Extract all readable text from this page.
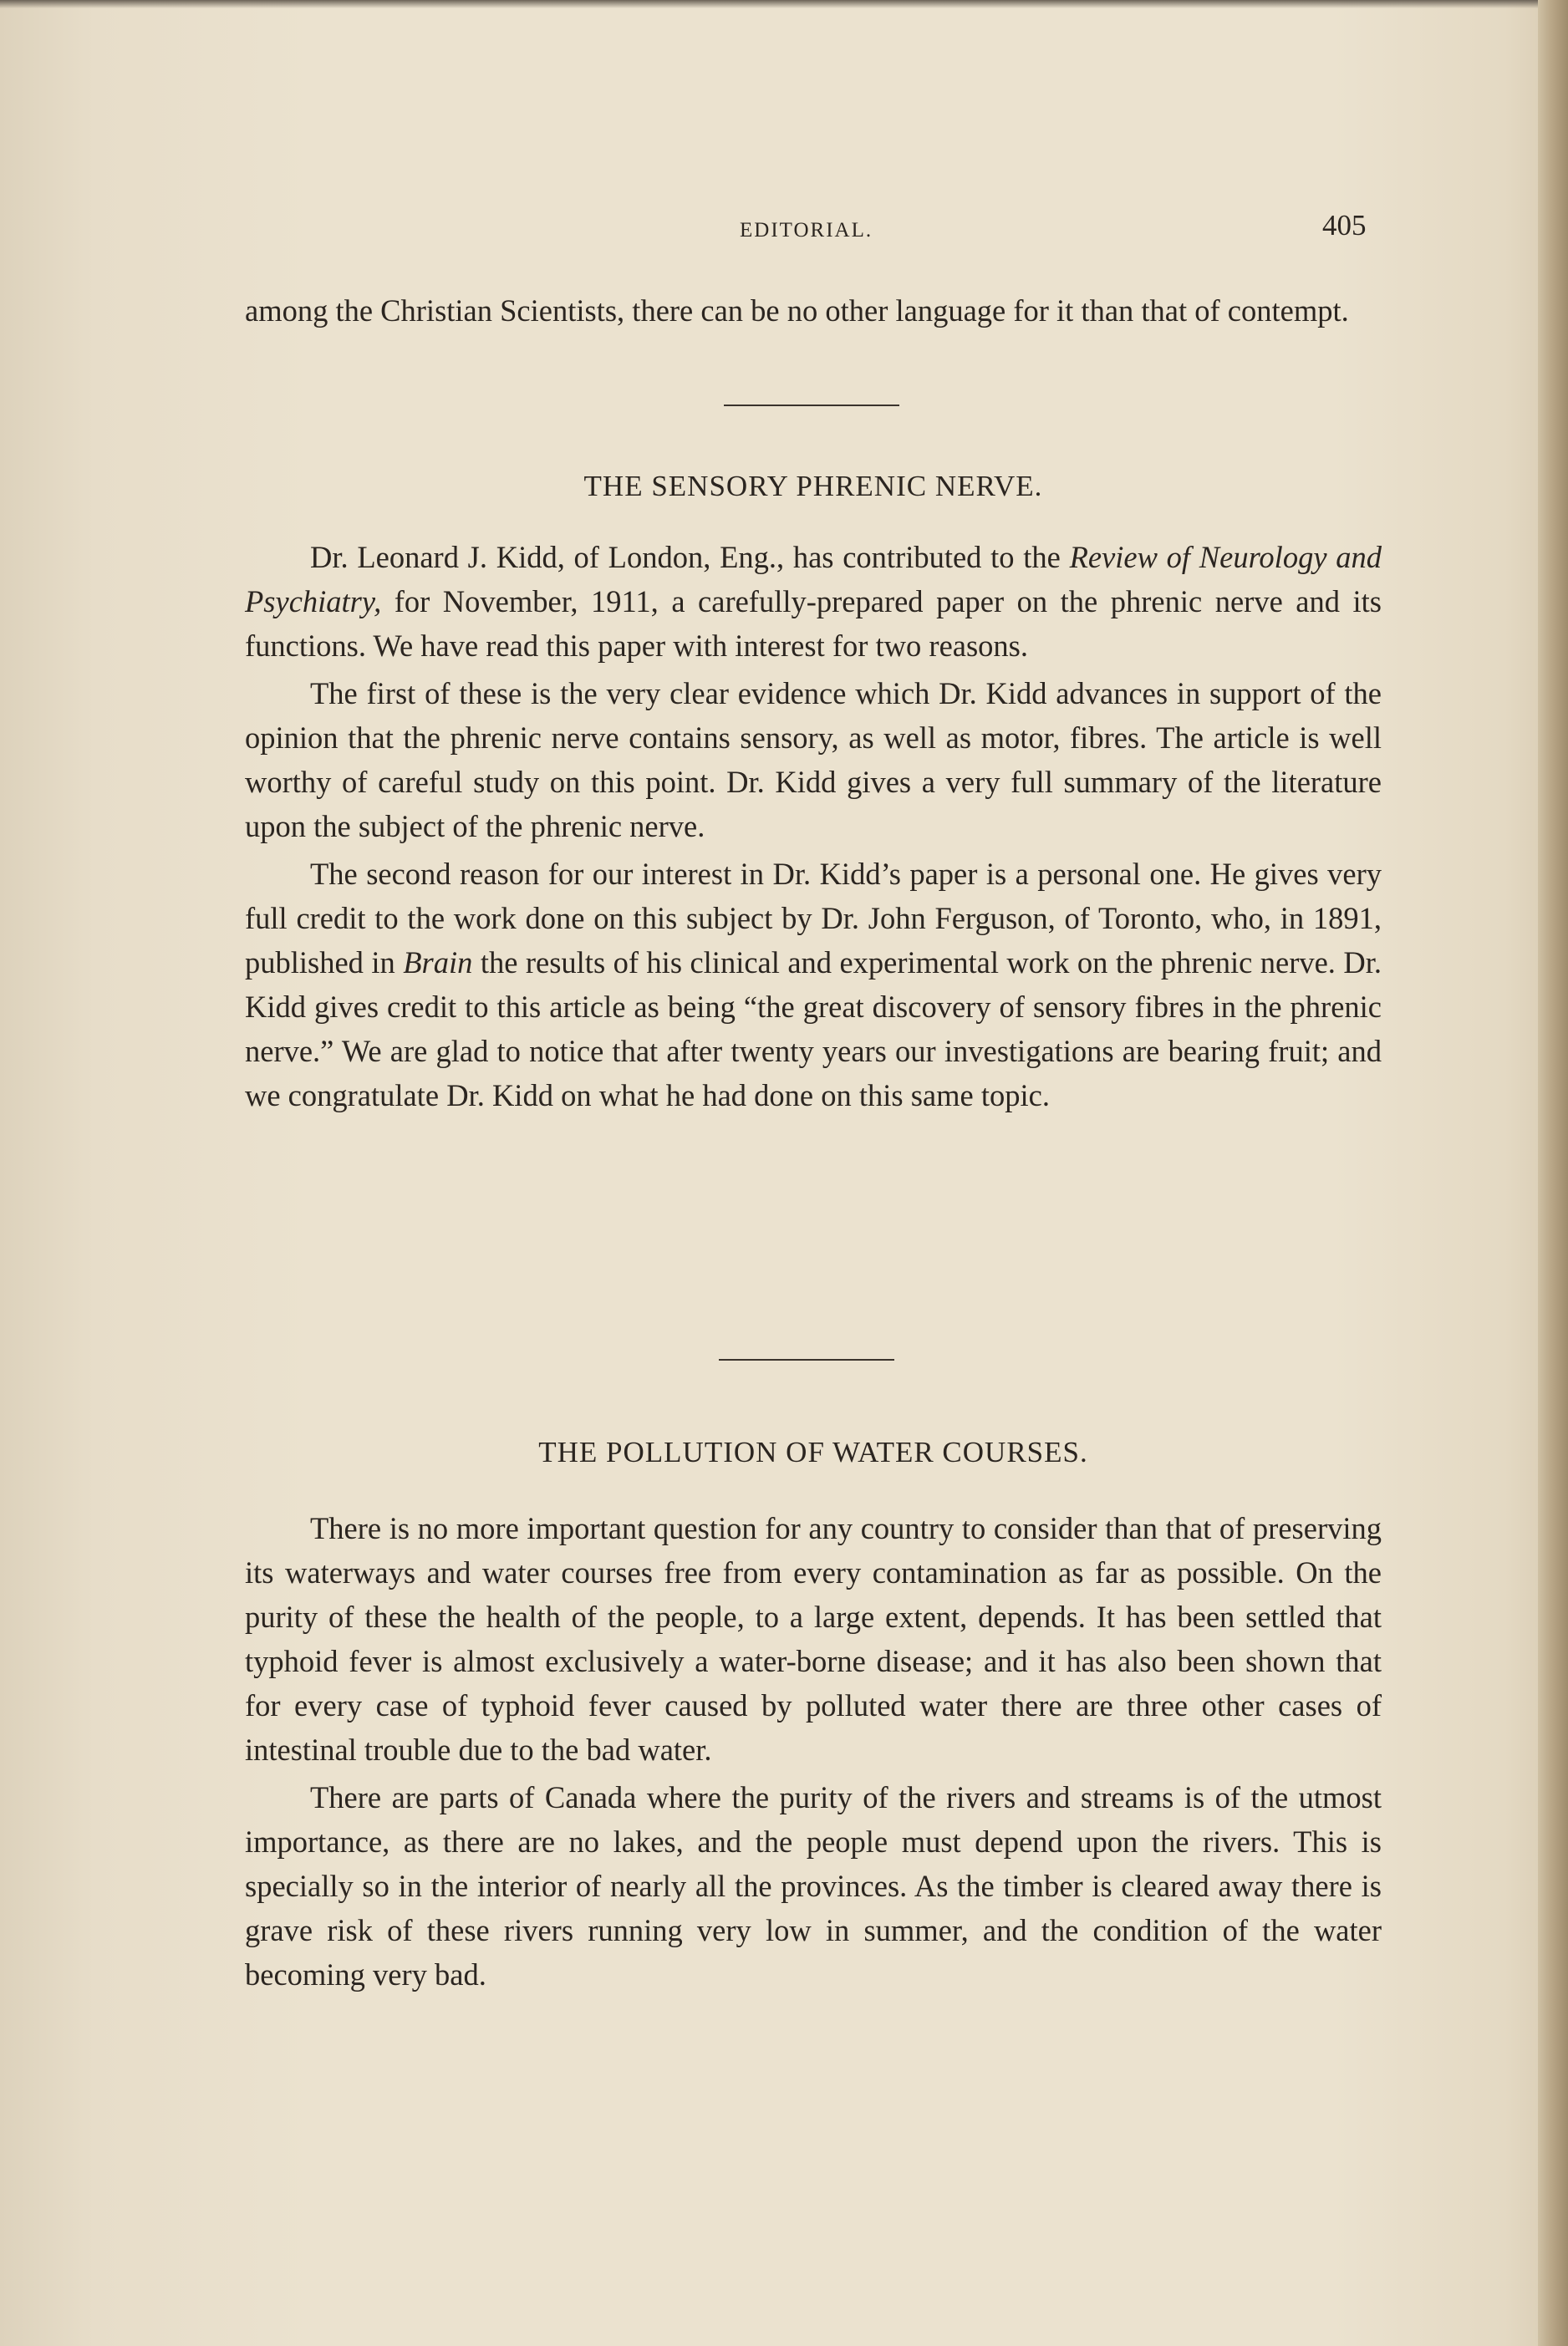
EDITORIAL.	405

among the Christian Scientists, there can be no other language for it than that of contempt.

THE SENSORY PHRENIC NERVE.

Dr. Leonard J. Kidd, of London, Eng., has contributed to the Review of Neurology and Psychiatry, for November, 1911, a carefully-prepared paper on the phrenic nerve and its functions. We have read this paper with interest for two reasons.

The first of these is the very clear evidence which Dr. Kidd advances in support of the opinion that the phrenic nerve contains sensory, as well as motor, fibres. The article is well worthy of careful study on this point. Dr. Kidd gives a very full summary of the literature upon the subject of the phrenic nerve.

The second reason for our interest in Dr. Kidd’s paper is a personal one. He gives very full credit to the work done on this subject by Dr. John Ferguson, of Toronto, who, in 1891, published in Brain the results of his clinical and experimental work on the phrenic nerve. Dr. Kidd gives credit to this article as being “the great discovery of sensory fibres in the phrenic nerve.” We are glad to notice that after twenty years our investigations are bearing fruit; and we congratulate Dr. Kidd on what he had done on this same topic.

THE POLLUTION OF WATER COURSES.

There is no more important question for any country to consider than that of preserving its waterways and water courses free from every contamination as far as possible. On the purity of these the health of the people, to a large extent, depends. It has been settled that typhoid fever is almost exclusively a water-borne disease; and it has also been shown that for every case of typhoid fever caused by polluted water there are three other cases of intestinal trouble due to the bad water.

There are parts of Canada where the purity of the rivers and streams is of the utmost importance, as there are no lakes, and the people must depend upon the rivers. This is specially so in the interior of nearly all the provinces. As the timber is cleared away there is grave risk of these rivers running very low in summer, and the condition of the water becoming very bad.
